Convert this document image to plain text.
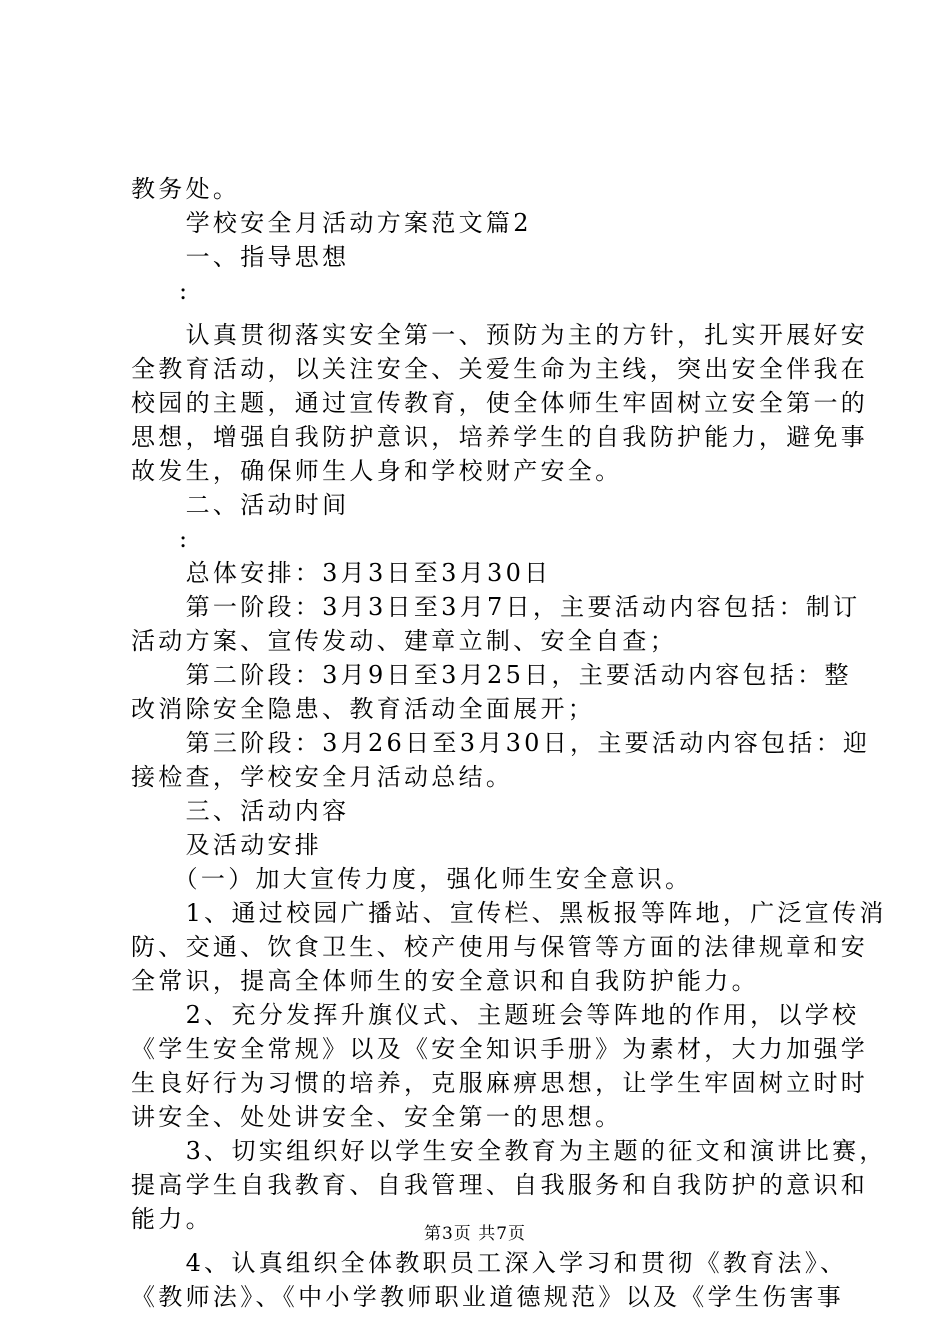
教务处。
　　学校安全月活动方案范文篇2
　　一、指导思想
　　:
　　认真贯彻落实安全第一、预防为主的方针，扎实开展好安
全教育活动，以关注安全、关爱生命为主线，突出安全伴我在
校园的主题，通过宣传教育，使全体师生牢固树立安全第一的
思想，增强自我防护意识，培养学生的自我防护能力，避免事
故发生，确保师生人身和学校财产安全。
　　二、活动时间
　　:
　　总体安排：3月3日至3月30日
　　第一阶段：3月3日至3月7日，主要活动内容包括：制订
活动方案、宣传发动、建章立制、安全自查；
　　第二阶段：3月9日至3月25日，主要活动内容包括：整
改消除安全隐患、教育活动全面展开；
　　第三阶段：3月26日至3月30日，主要活动内容包括：迎
接检查，学校安全月活动总结。
　　三、活动内容
　　及活动安排
　　（一）加大宣传力度，强化师生安全意识。
　　1、通过校园广播站、宣传栏、黑板报等阵地，广泛宣传消
防、交通、饮食卫生、校产使用与保管等方面的法律规章和安
全常识，提高全体师生的安全意识和自我防护能力。
　　2、充分发挥升旗仪式、主题班会等阵地的作用，以学校
《学生安全常规》以及《安全知识手册》为素材，大力加强学
生良好行为习惯的培养，克服麻痹思想，让学生牢固树立时时
讲安全、处处讲安全、安全第一的思想。
　　3、切实组织好以学生安全教育为主题的征文和演讲比赛，
提高学生自我教育、自我管理、自我服务和自我防护的意识和
能力。
　　4、认真组织全体教职员工深入学习和贯彻《教育法》、
《教师法》、《中小学教师职业道德规范》以及《学生伤害事
第3页 共7页
